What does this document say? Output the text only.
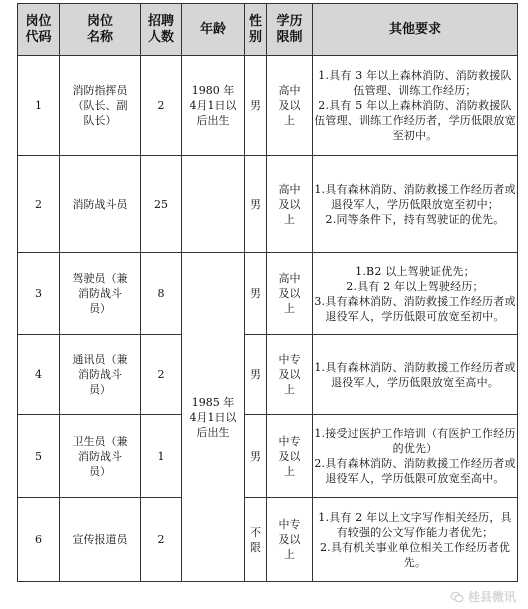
岗位代码	岗位名称	招聘人数	年龄	性别	学历限制	其他要求
1	消防指挥员（队长、副队长）	2	1980 年 4月1日以后出生	男	高中及以上	1.具有 3 年以上森林消防、消防救援队伍管理、训练工作经历；
2.具有 5 年以上森林消防、消防救援队伍管理、训练工作经历者，学历低限放宽至初中。
2	消防战斗员	25		男	高中及以上	1.具有森林消防、消防救援工作经历者或退役军人，学历低限放宽至初中；
2.同等条件下，持有驾驶证的优先。
3	驾驶员（兼消防战斗员）	8	1985 年 4月1日以后出生	男	高中及以上	1.B2 以上驾驶证优先；
2.具有 2 年以上驾驶经历；
3.具有森林消防、消防救援工作经历者或退役军人，学历低限可放宽至初中。
4	通讯员（兼消防战斗员）	2		男	中专及以上	1.具有森林消防、消防救援工作经历者或退役军人，学历低限放宽至高中。
5	卫生员（兼消防战斗员）	1		男	中专及以上	1.接受过医护工作培训（有医护工作经历的优先）
2.具有森林消防、消防救援工作经历者或退役军人，学历低限可放宽至高中。
6	宣传报道员	2		不限	中专及以上	1.具有 2 年以上文字写作相关经历，具有较强的公文写作能力者优先；
2.具有机关事业单位相关工作经历者优先。
桂县微讯
